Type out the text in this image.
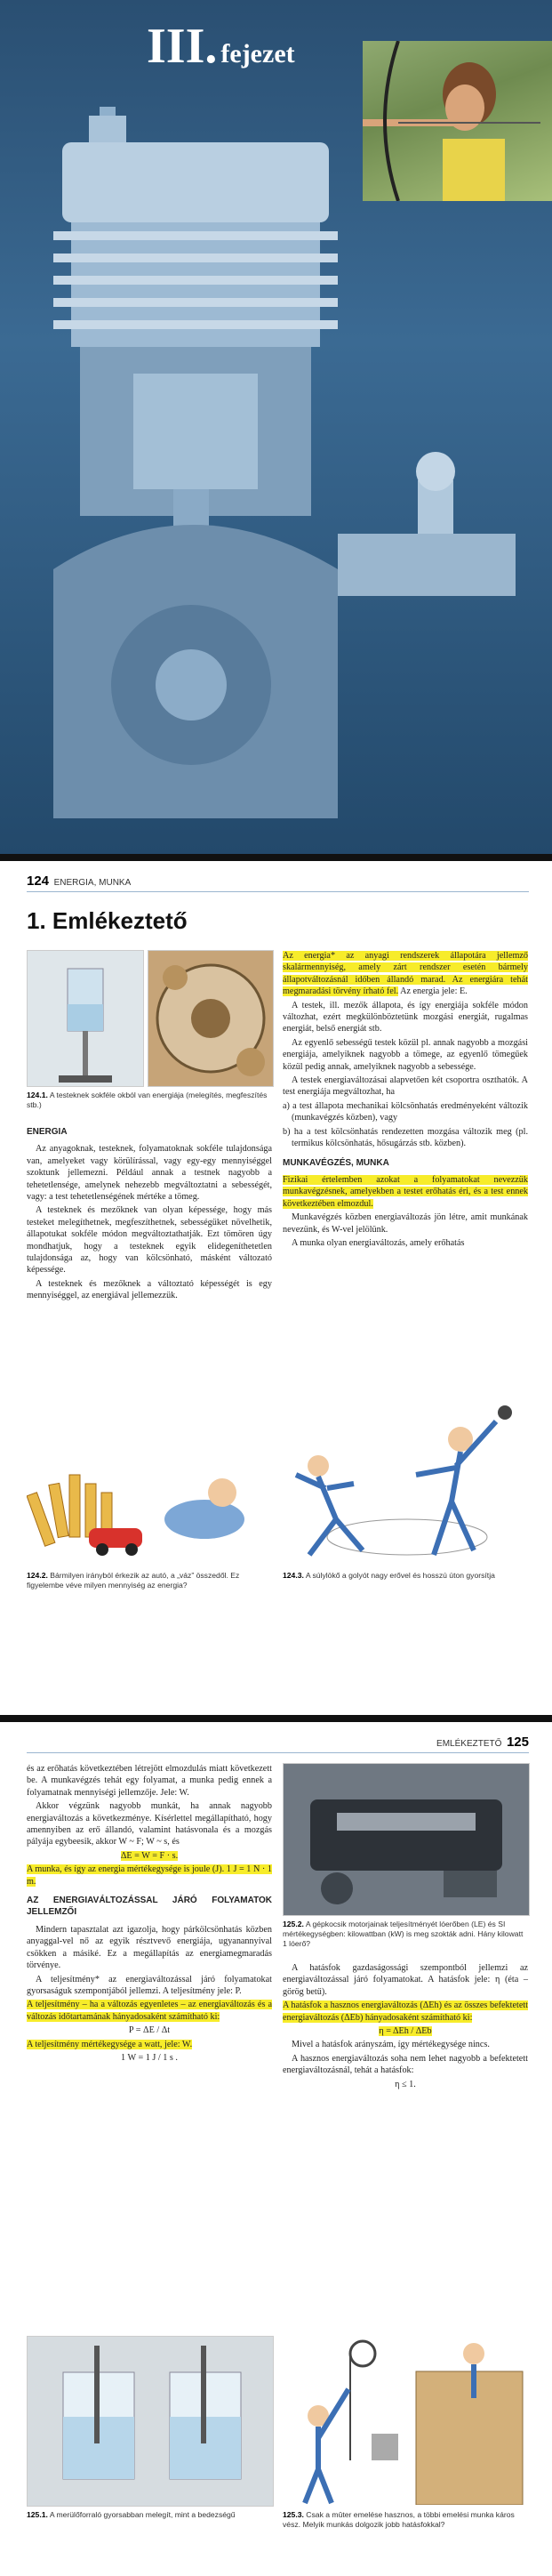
III. fejezet
124 ENERGIA, MUNKA
1. Emlékeztető
124.1. A testeknek sokféle okból van energiája (melegítés, megfeszítés stb.)
ENERGIA

Az anyagoknak, testeknek, folyamatoknak sokféle tulajdonsága van, amelyeket vagy körülírással, vagy egy-egy mennyiséggel szoktunk jellemezni. Például annak a testnek nagyobb a tehetetlensége, amelynek nehezebb megváltoztatni a sebességét, vagy: a test tehetetlenségének mértéke a tömeg.

A testeknek és mezőknek van olyan képessége, hogy más testeket melegíthetnek, megfeszíthetnek, sebességüket növelhetik, állapotukat sokféle módon megváltoztathatják. Ezt tömören úgy mondhatjuk, hogy a testeknek egyik elidegeníthetetlen tulajdonsága az, hogy van kölcsönható, másként változató képessége.

A testeknek és mezőknek a változtató képességét is egy mennyiséggel, az energiával jellemezzük.

Az energia* az anyagi rendszerek állapotára jellemző skalármennyiség, amely zárt rendszer esetén bármely állapotváltozásnál időben állandó marad. Az energiára tehát megmaradási törvény írható fel. Az energia jele: E.

A testek, ill. mezők állapota, és így energiája sokféle módon változhat, ezért megkülönböztetünk mozgási energiát, rugalmas energiát, belső energiát stb.

Az egyenlő sebességű testek közül pl. annak nagyobb a mozgási energiája, amelyiknek nagyobb a tömege, az egyenlő tömegűek közül pedig annak, amelyiknek nagyobb a sebessége.

A testek energiaváltozásai alapvetően két csoportra oszthatók. A test energiája megváltozhat, ha

a) a test állapota mechanikai kölcsönhatás eredményeként változik (munkavégzés közben), vagy

b) ha a test kölcsönhatás rendezetten mozgása változik meg (pl. termikus kölcsönhatás, hősugárzás stb. közben).

MUNKAVÉGZÉS, MUNKA

Fizikai értelemben azokat a folyamatokat nevezzük munkavégzésnek, amelyekben a testet erőhatás éri, és a test ennek következtében elmozdul.

Munkavégzés közben energiaváltozás jön létre, amit munkának nevezünk, és W-vel jelölünk.

A munka olyan energiaváltozás, amely erőhatás

124.2. Bármilyen irányból érkezik az autó, a „váz” összedől. Ez figyelembe véve milyen mennyiség az energia?
124.3. A súlylökő a golyót nagy erővel és hosszú úton gyorsítja
EMLÉKEZTETŐ 125

és az erőhatás következtében létrejött elmozdulás miatt következett be. A munkavégzés tehát egy folyamat, a munka pedig ennek a folyamatnak mennyiségi jellemzője. Jele: W.

Akkor végzünk nagyobb munkát, ha annak nagyobb energiaváltozás a következménye. Kísérlettel megállapítható, hogy amennyiben az erő állandó, valamint hatásvonala és a mozgás pályája egybeesik, akkor W ~ F; W ~ s, és

ΔE = W = F · s.

A munka, és így az energia mértékegysége is joule (J). 1 J = 1 N · 1 m.

AZ ENERGIAVÁLTOZÁSSAL JÁRÓ FOLYAMATOK JELLEMZŐI

Mindern tapasztalat azt igazolja, hogy párkölcsönhatás közben anyaggal-vel nő az egyik résztvevő energiája, ugyanannyival csökken a másiké. Ez a megállapítás az energiamegmaradás törvénye.

A teljesítmény* az energiaváltozással járó folyamatokat gyorsaságuk szempontjából jellemzi. A teljesítmény jele: P.

A teljesítmény – ha a változás egyenletes – az energiaváltozás és a változás időtartamának hányadosaként számítható ki:

P = ΔE / Δt

A teljesítmény mértékegysége a watt, jele: W.

1 W = 1 J / 1 s .

125.2. A gépkocsik motorjainak teljesítményét lóerőben (LE) és SI mértékegységben: kilowattban (kW) is meg szokták adni. Hány kilowatt 1 lóerő?

A hatásfok gazdaságossági szempontból jellemzi az energiaváltozással járó folyamatokat. A hatásfok jele: η (éta – görög betű).

A hatásfok a hasznos energiaváltozás (ΔEh) és az összes befektetett energiaváltozás (ΔEb) hányadosaként számítható ki:

η = ΔEh / ΔEb

Mivel a hatásfok arányszám, így mértékegysége nincs.

A hasznos energiaváltozás soha nem lehet nagyobb a befektetett energiaváltozásnál, tehát a hatásfok:

η ≤ 1.

125.1. A merülőforraló gyorsabban melegít, mint a bedezségű	125.3. Csak a mûter emelése hasznos, a többi emelési munka káros vész. Melyik munkás dolgozik jobb hatásfokkal?
